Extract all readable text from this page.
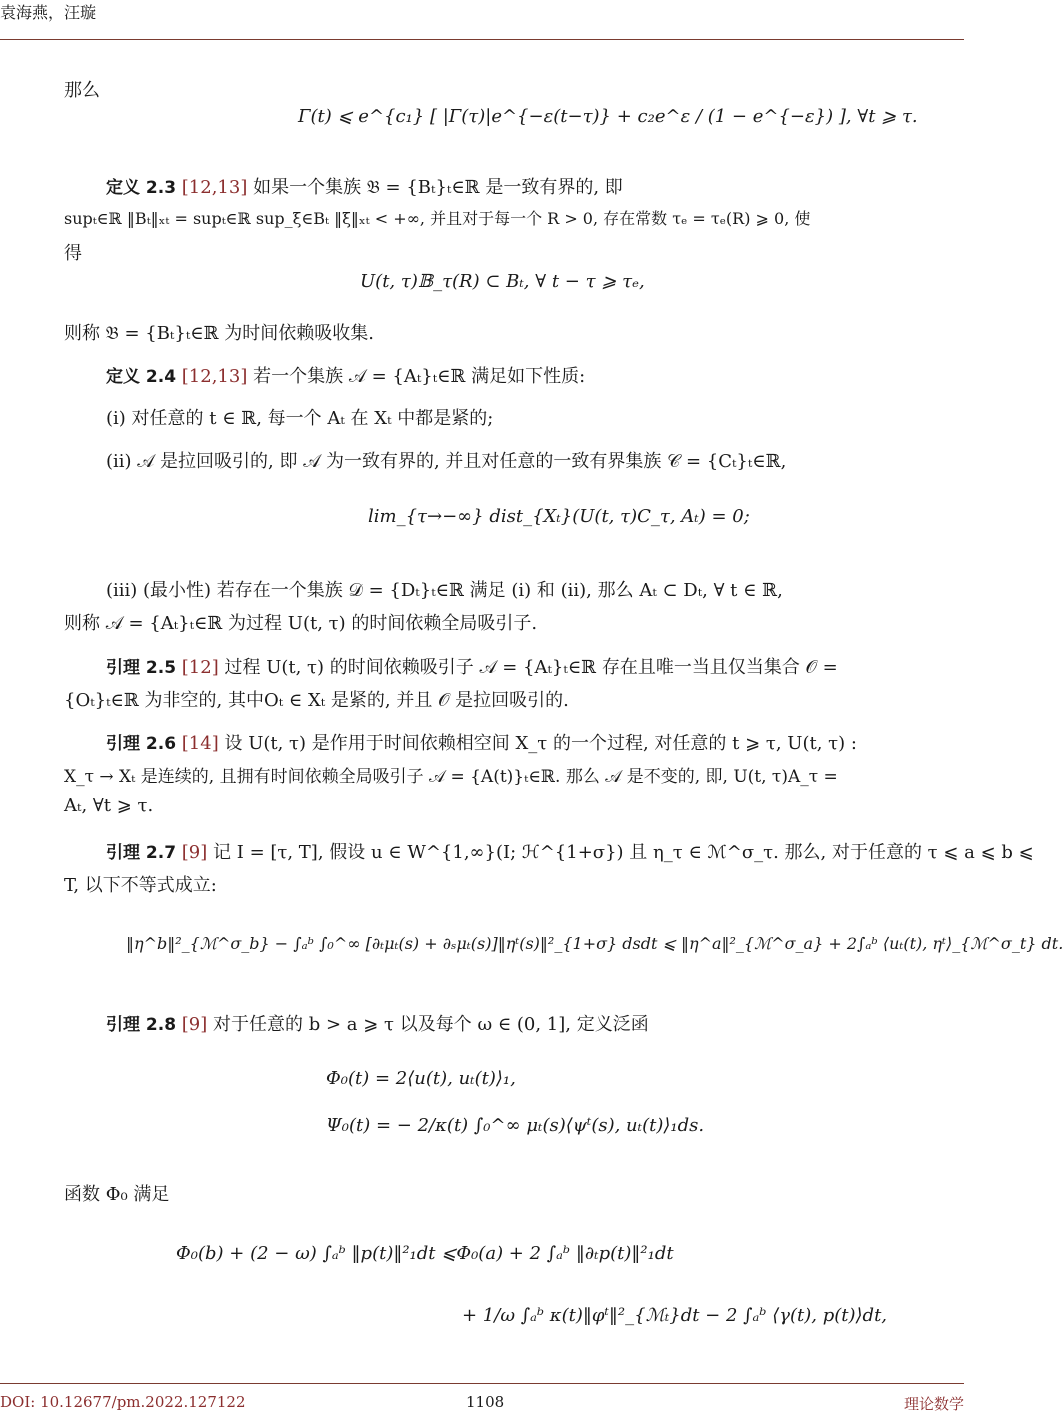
袁海燕，汪璇
那么
Γ(t) ⩽ e^{c₁} [ |Γ(τ)|e^{−ε(t−τ)} + c₂e^ε / (1 − e^{−ε}) ], ∀t ⩾ τ.
定义 2.3 [12,13] 如果一个集族 𝔅 = {Bₜ}ₜ∈ℝ 是一致有界的, 即
supₜ∈ℝ ‖Bₜ‖ₓₜ = supₜ∈ℝ sup_ξ∈Bₜ ‖ξ‖ₓₜ < +∞, 并且对于每一个 R > 0, 存在常数 τₑ = τₑ(R) ⩾ 0, 使
得
U(t, τ)𝔹_τ(R) ⊂ Bₜ, ∀ t − τ ⩾ τₑ,
则称 𝔅 = {Bₜ}ₜ∈ℝ 为时间依赖吸收集.
定义 2.4 [12,13] 若一个集族 𝒜 = {Aₜ}ₜ∈ℝ 满足如下性质:
(i) 对任意的 t ∈ ℝ, 每一个 Aₜ 在 Xₜ 中都是紧的;
(ii) 𝒜 是拉回吸引的, 即 𝒜 为一致有界的, 并且对任意的一致有界集族 𝒞 = {Cₜ}ₜ∈ℝ,
lim_{τ→−∞} dist_{Xₜ}(U(t, τ)C_τ, Aₜ) = 0;
(iii) (最小性) 若存在一个集族 𝒟 = {Dₜ}ₜ∈ℝ 满足 (i) 和 (ii), 那么 Aₜ ⊂ Dₜ, ∀ t ∈ ℝ,
则称 𝒜 = {Aₜ}ₜ∈ℝ 为过程 U(t, τ) 的时间依赖全局吸引子.
引理 2.5 [12] 过程 U(t, τ) 的时间依赖吸引子 𝒜 = {Aₜ}ₜ∈ℝ 存在且唯一当且仅当集合 𝒪 =
{Oₜ}ₜ∈ℝ 为非空的, 其中Oₜ ∈ Xₜ 是紧的, 并且 𝒪 是拉回吸引的.
引理 2.6 [14] 设 U(t, τ) 是作用于时间依赖相空间 X_τ 的一个过程, 对任意的 t ⩾ τ, U(t, τ) :
X_τ → Xₜ 是连续的, 且拥有时间依赖全局吸引子 𝒜 = {A(t)}ₜ∈ℝ. 那么 𝒜 是不变的, 即, U(t, τ)A_τ =
Aₜ, ∀t ⩾ τ.
引理 2.7 [9] 记 I = [τ, T], 假设 u ∈ W^{1,∞}(I; ℋ^{1+σ}) 且 η_τ ∈ ℳ^σ_τ. 那么, 对于任意的 τ ⩽ a ⩽ b ⩽
T, 以下不等式成立:
‖η^b‖²_{ℳ^σ_b} − ∫ₐᵇ ∫₀^∞ [∂ₜμₜ(s) + ∂ₛμₜ(s)]‖ηᵗ(s)‖²_{1+σ} dsdt ⩽ ‖η^a‖²_{ℳ^σ_a} + 2∫ₐᵇ ⟨uₜ(t), ηᵗ⟩_{ℳ^σ_t} dt.
引理 2.8 [9] 对于任意的 b > a ⩾ τ 以及每个 ω ∈ (0, 1], 定义泛函
Φ₀(t) = 2⟨u(t), uₜ(t)⟩₁,
Ψ₀(t) = − 2/κ(t) ∫₀^∞ μₜ(s)⟨ψᵗ(s), uₜ(t)⟩₁ds.
函数 Φ₀ 满足
Φ₀(b) + (2 − ω) ∫ₐᵇ ‖p(t)‖²₁dt ⩽Φ₀(a) + 2 ∫ₐᵇ ‖∂ₜp(t)‖²₁dt
+ 1/ω ∫ₐᵇ κ(t)‖φᵗ‖²_{ℳₜ}dt − 2 ∫ₐᵇ ⟨γ(t), p(t)⟩dt,
DOI: 10.12677/pm.2022.127122	1108	理论数学
